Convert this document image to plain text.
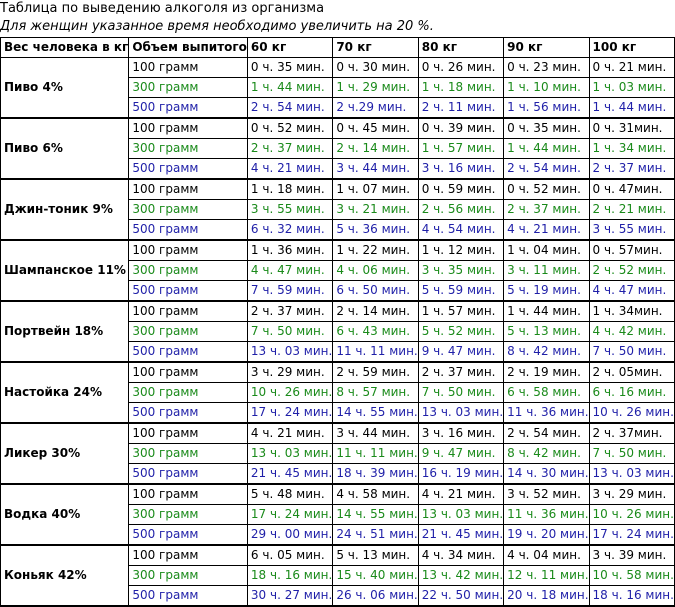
Таблица по выведению алкоголя из организма
Для женщин указанное время необходимо увеличить на 20 %.
Вес человека в кг	Объем выпитого	60 кг	70 кг	80 кг	90 кг	100 кг
Пиво 4%	100 грамм	0 ч. 35 мин.	0 ч. 30 мин.	0 ч. 26 мин.	0 ч. 23 мин.	0 ч. 21 мин.
	300 грамм	1 ч. 44 мин.	1 ч. 29 мин.	1 ч. 18 мин.	1 ч. 10 мин.	1 ч. 03 мин.
	500 грамм	2 ч. 54 мин.	2 ч.29 мин.	2 ч. 11 мин.	1 ч. 56 мин.	1 ч. 44 мин.
Пиво 6%	100 грамм	0 ч. 52 мин.	0 ч. 45 мин.	0 ч. 39 мин.	0 ч. 35 мин.	0 ч. 31мин.
	300 грамм	2 ч. 37 мин.	2 ч. 14 мин.	1 ч. 57 мин.	1 ч. 44 мин.	1 ч. 34 мин.
	500 грамм	4 ч. 21 мин.	3 ч. 44 мин.	3 ч. 16 мин.	2 ч. 54 мин.	2 ч. 37 мин.
Джин-тоник 9%	100 грамм	1 ч. 18 мин.	1 ч. 07 мин.	0 ч. 59 мин.	0 ч. 52 мин.	0 ч. 47мин.
	300 грамм	3 ч. 55 мин.	3 ч. 21 мин.	2 ч. 56 мин.	2 ч. 37 мин.	2 ч. 21 мин.
	500 грамм	6 ч. 32 мин.	5 ч. 36 мин.	4 ч. 54 мин.	4 ч. 21 мин.	3 ч. 55 мин.
Шампанское 11%	100 грамм	1 ч. 36 мин.	1 ч. 22 мин.	1 ч. 12 мин.	1 ч. 04 мин.	0 ч. 57мин.
	300 грамм	4 ч. 47 мин.	4 ч. 06 мин.	3 ч. 35 мин.	3 ч. 11 мин.	2 ч. 52 мин.
	500 грамм	7 ч. 59 мин.	6 ч. 50 мин.	5 ч. 59 мин.	5 ч. 19 мин.	4 ч. 47 мин.
Портвейн 18%	100 грамм	2 ч. 37 мин.	2 ч. 14 мин.	1 ч. 57 мин.	1 ч. 44 мин.	1 ч. 34мин.
	300 грамм	7 ч. 50 мин.	6 ч. 43 мин.	5 ч. 52 мин.	5 ч. 13 мин.	4 ч. 42 мин.
	500 грамм	13 ч. 03 мин.	11 ч. 11 мин.	9 ч. 47 мин.	8 ч. 42 мин.	7 ч. 50 мин.
Настойка 24%	100 грамм	3 ч. 29 мин.	2 ч. 59 мин.	2 ч. 37 мин.	2 ч. 19 мин.	2 ч. 05мин.
	300 грамм	10 ч. 26 мин.	8 ч. 57 мин.	7 ч. 50 мин.	6 ч. 58 мин.	6 ч. 16 мин.
	500 грамм	17 ч. 24 мин.	14 ч. 55 мин.	13 ч. 03 мин.	11 ч. 36 мин.	10 ч. 26 мин.
Ликер 30%	100 грамм	4 ч. 21 мин.	3 ч. 44 мин.	3 ч. 16 мин.	2 ч. 54 мин.	2 ч. 37мин.
	300 грамм	13 ч. 03 мин.	11 ч. 11 мин.	9 ч. 47 мин.	8 ч. 42 мин.	7 ч. 50 мин.
	500 грамм	21 ч. 45 мин.	18 ч. 39 мин.	16 ч. 19 мин.	14 ч. 30 мин.	13 ч. 03 мин.
Водка 40%	100 грамм	5 ч. 48 мин.	4 ч. 58 мин.	4 ч. 21 мин.	3 ч. 52 мин.	3 ч. 29 мин.
	300 грамм	17 ч. 24 мин.	14 ч. 55 мин.	13 ч. 03 мин.	11 ч. 36 мин.	10 ч. 26 мин.
	500 грамм	29 ч. 00 мин.	24 ч. 51 мин.	21 ч. 45 мин.	19 ч. 20 мин.	17 ч. 24 мин.
Коньяк 42%	100 грамм	6 ч. 05 мин.	5 ч. 13 мин.	4 ч. 34 мин.	4 ч. 04 мин.	3 ч. 39 мин.
	300 грамм	18 ч. 16 мин.	15 ч. 40 мин.	13 ч. 42 мин.	12 ч. 11 мин.	10 ч. 58 мин.
	500 грамм	30 ч. 27 мин.	26 ч. 06 мин.	22 ч. 50 мин.	20 ч. 18 мин.	18 ч. 16 мин.
